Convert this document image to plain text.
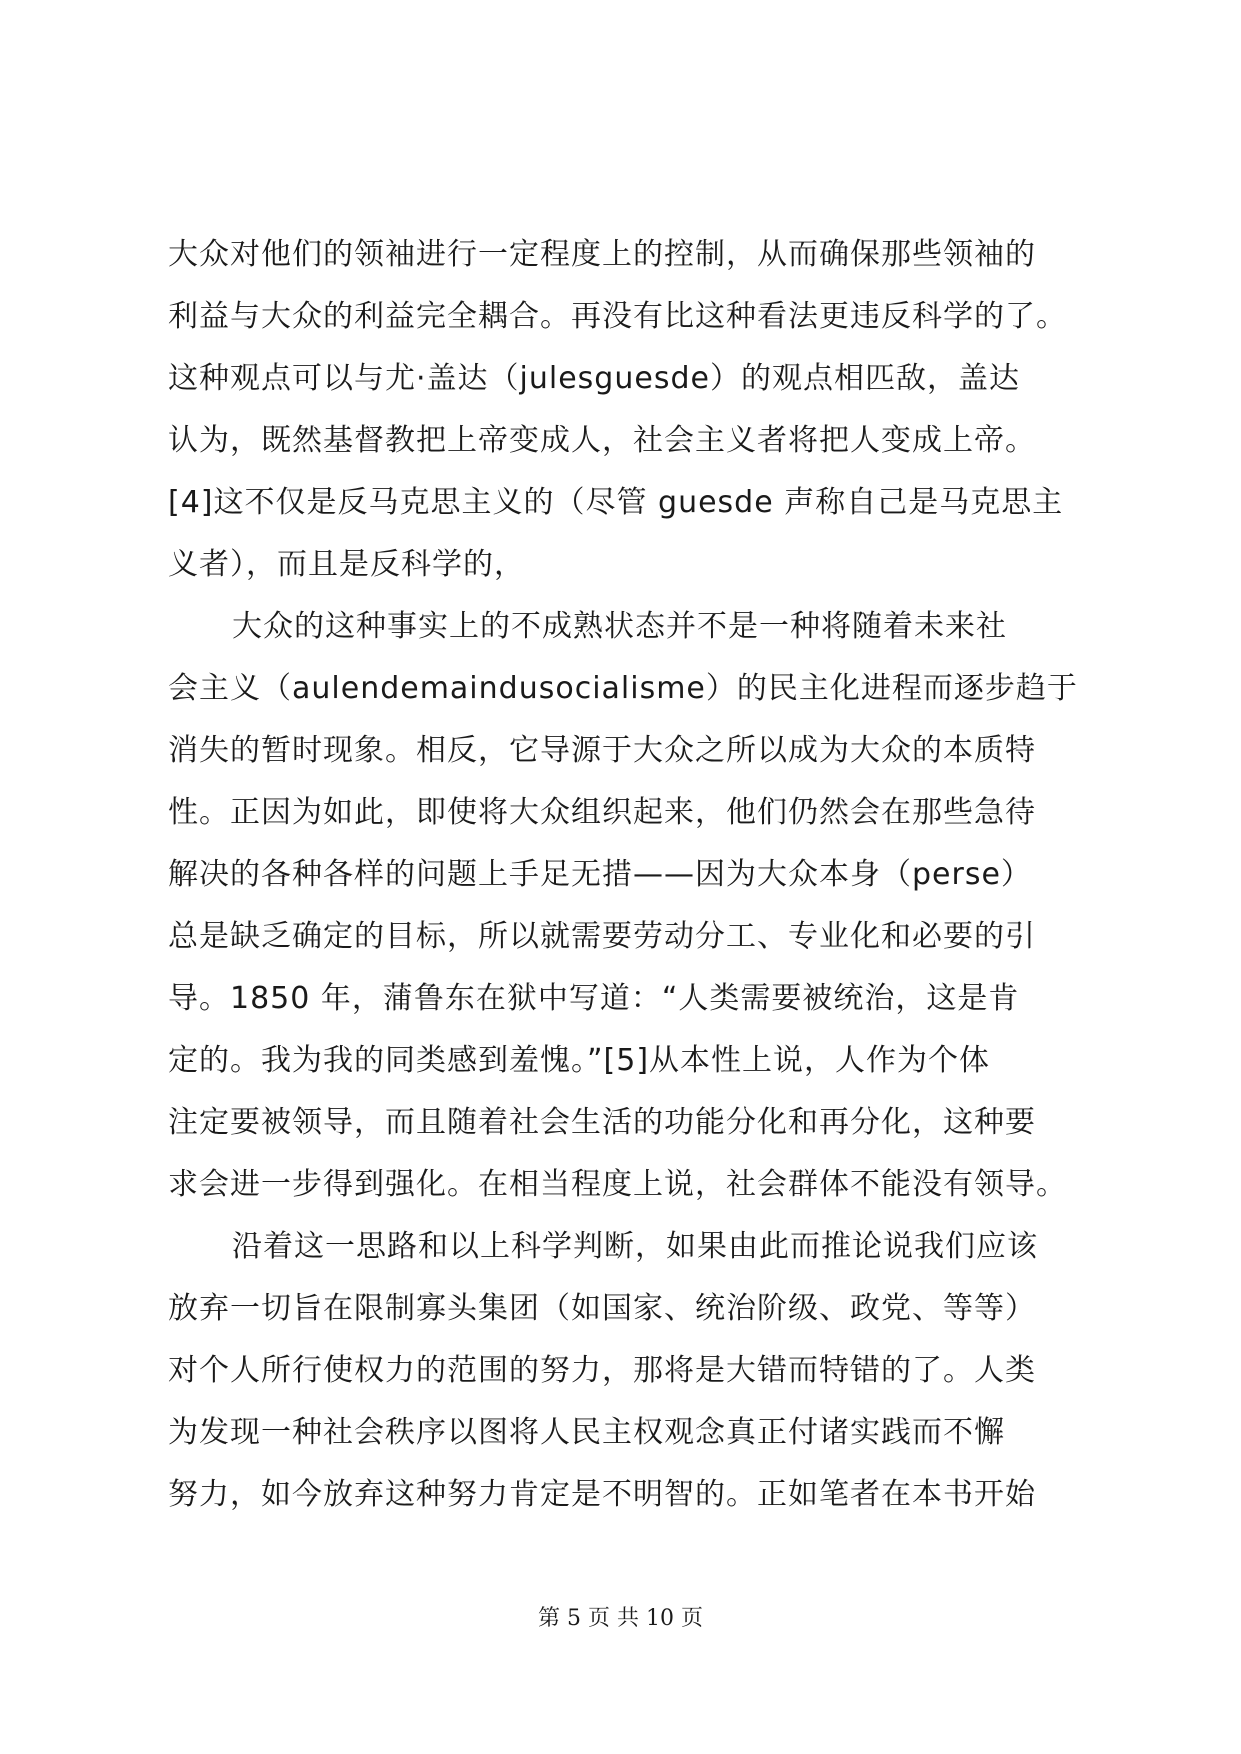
大众对他们的领袖进行一定程度上的控制，从而确保那些领袖的
利益与大众的利益完全耦合。再没有比这种看法更违反科学的了。
这种观点可以与尤·盖达（julesguesde）的观点相匹敌，盖达
认为，既然基督教把上帝变成人，社会主义者将把人变成上帝。
[4]这不仅是反马克思主义的（尽管 guesde 声称自己是马克思主
义者），而且是反科学的，
大众的这种事实上的不成熟状态并不是一种将随着未来社
会主义（aulendemaindusocialisme）的民主化进程而逐步趋于
消失的暂时现象。相反，它导源于大众之所以成为大众的本质特
性。正因为如此，即使将大众组织起来，他们仍然会在那些急待
解决的各种各样的问题上手足无措——因为大众本身（perse）
总是缺乏确定的目标，所以就需要劳动分工、专业化和必要的引
导。1850 年，蒲鲁东在狱中写道：“人类需要被统治，这是肯
定的。我为我的同类感到羞愧。”[5]从本性上说，人作为个体
注定要被领导，而且随着社会生活的功能分化和再分化，这种要
求会进一步得到强化。在相当程度上说，社会群体不能没有领导。
沿着这一思路和以上科学判断，如果由此而推论说我们应该
放弃一切旨在限制寡头集团（如国家、统治阶级、政党、等等）
对个人所行使权力的范围的努力，那将是大错而特错的了。人类
为发现一种社会秩序以图将人民主权观念真正付诸实践而不懈
努力，如今放弃这种努力肯定是不明智的。正如笔者在本书开始
第 5 页 共 10 页
